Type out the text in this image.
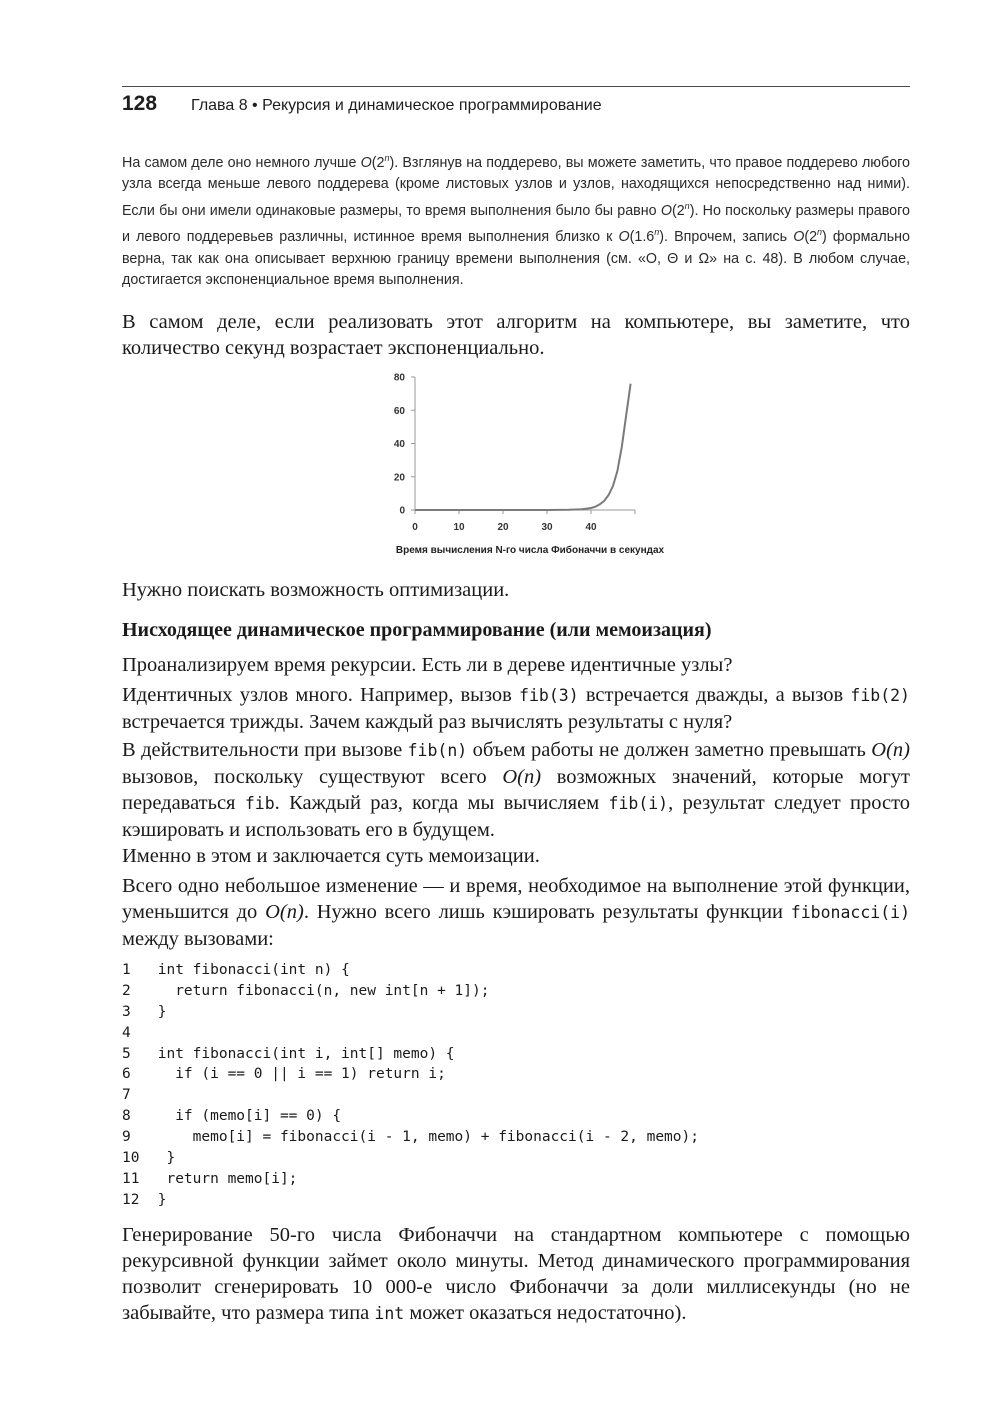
128 Глава 8 • Рекурсия и динамическое программирование

На самом деле оно немного лучше O(2$^n$). Взглянув на поддерево, вы можете заметить, что правое поддерево любого узла всегда меньше левого поддерева (кроме листовых узлов и узлов, находящихся непосредственно над ними). Если бы они имели одинаковые размеры, то время выполнения было бы равно O(2$^n$). Но поскольку размеры правого и левого поддеревьев различны, истинное время выполнения близко к O(1.6$^n$). Впрочем, запись O(2$^n$) формально верна, так как она описывает верхнюю границу времени выполнения (см. «O, Θ и Ω» на с. 48). В любом случае, достигается экспоненциальное время выполнения.

В самом деле, если реализовать этот алгоритм на компьютере, вы заметите, что количество секунд возрастает экспоненциально.

0
20
40
60
80
0	10	20	30	40
Время вычисления N-го числа Фибоначчи в секундах

Нужно поискать возможность оптимизации.

Нисходящее динамическое программирование (или мемоизация)

Проанализируем время рекурсии. Есть ли в дереве идентичные узлы?

Идентичных узлов много. Например, вызов fib(3) встречается дважды, а вызов fib(2) встречается трижды. Зачем каждый раз вычислять результаты с нуля?

В действительности при вызове fib(n) объем работы не должен заметно превышать O(n) вызовов, поскольку существуют всего O(n) возможных значений, которые могут передаваться fib. Каждый раз, когда мы вычисляем fib(i), результат следует просто кэшировать и использовать его в будущем.

Именно в этом и заключается суть мемоизации.

Всего одно небольшое изменение — и время, необходимое на выполнение этой функции, уменьшится до O(n). Нужно всего лишь кэшировать результаты функции fibonacci(i) между вызовами:

1	int fibonacci(int n) {
2	return fibonacci(n, new int[n + 1]);
3	}
4
5	int fibonacci(int i, int[] memo) {
6	if (i == 0 || i == 1) return i;
7
8	if (memo[i] == 0) {
9	memo[i] = fibonacci(i - 1, memo) + fibonacci(i - 2, memo);
10 }
11 return memo[i];
12 }

Генерирование 50-го числа Фибоначчи на стандартном компьютере с помощью рекурсивной функции займет около минуты. Метод динамического программирования позволит сгенерировать 10 000-е число Фибоначчи за доли миллисекунды (но не забывайте, что размера типа int может оказаться недостаточно).
